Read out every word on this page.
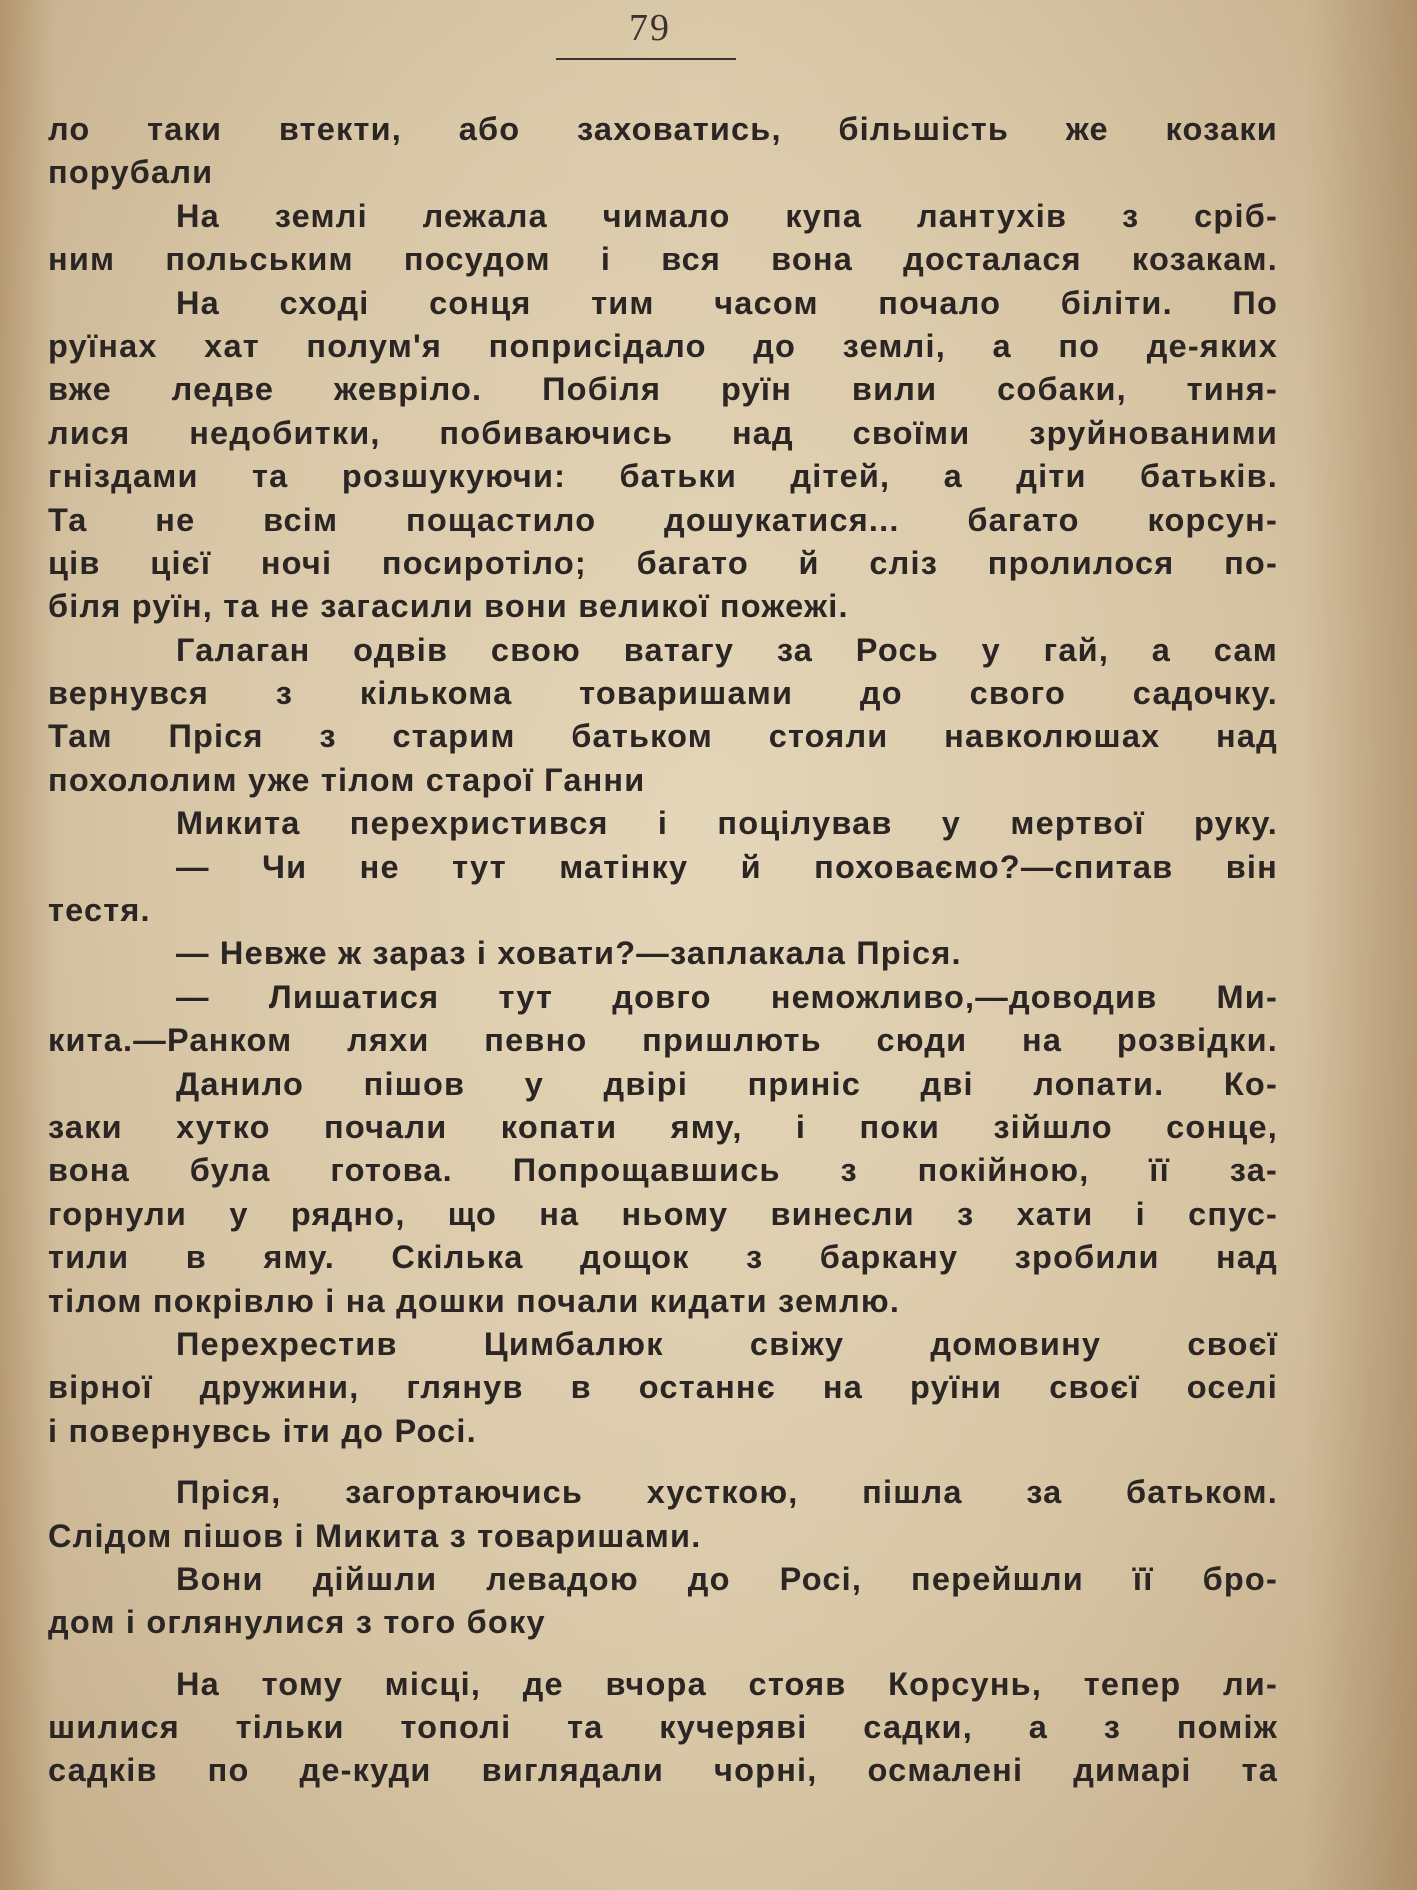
79
ло таки втекти, або заховатись, більшість же козаки
порубали
На землі лежала чимало купа лантухів з сріб-
ним польським посудом і вся вона досталася козакам.
На сході сонця тим часом почало біліти. По
руїнах хат полум'я поприсідало до землі, а по де-яких
вже ледве жевріло. Побіля руїн вили собаки, тиня-
лися недобитки, побиваючись над своїми зруйнованими
гніздами та розшукуючи: батьки дітей, а діти батьків.
Та не всім пощастило дошукатися... багато корсун-
ців цієї ночі посиротіло; багато й сліз пролилося по-
біля руїн, та не загасили вони великої пожежі.
Галаган одвів свою ватагу за Рось у гай, а сам
вернувся з кількома товаришами до свого садочку.
Там Пріся з старим батьком стояли навколюшах над
похололим уже тілом старої Ганни
Микита перехристився і поцілував у мертвої руку.
— Чи не тут матінку й поховаємо?—спитав він
тестя.
— Невже ж зараз і ховати?—заплакала Пріся.
— Лишатися тут довго неможливо,—доводив Ми-
кита.—Ранком ляхи певно пришлють сюди на розвідки.
Данило пішов у двірі приніс дві лопати. Ко-
заки хутко почали копати яму, і поки зійшло сонце,
вона була готова. Попрощавшись з покійною, її за-
горнули у рядно, що на ньому винесли з хати і спус-
тили в яму. Скілька дощок з баркану зробили над
тілом покрівлю і на дошки почали кидати землю.
Перехрестив Цимбалюк свіжу домовину своєї
вірної дружини, глянув в останнє на руїни своєї оселі
і повернувсь іти до Росі.
Пріся, загортаючись хусткою, пішла за батьком.
Слідом пішов і Микита з товаришами.
Вони дійшли левадою до Росі, перейшли її бро-
дом і оглянулися з того боку
На тому місці, де вчора стояв Корсунь, тепер ли-
шилися тільки тополі та кучеряві садки, а з поміж
садків по де-куди виглядали чорні, осмалені димарі та
